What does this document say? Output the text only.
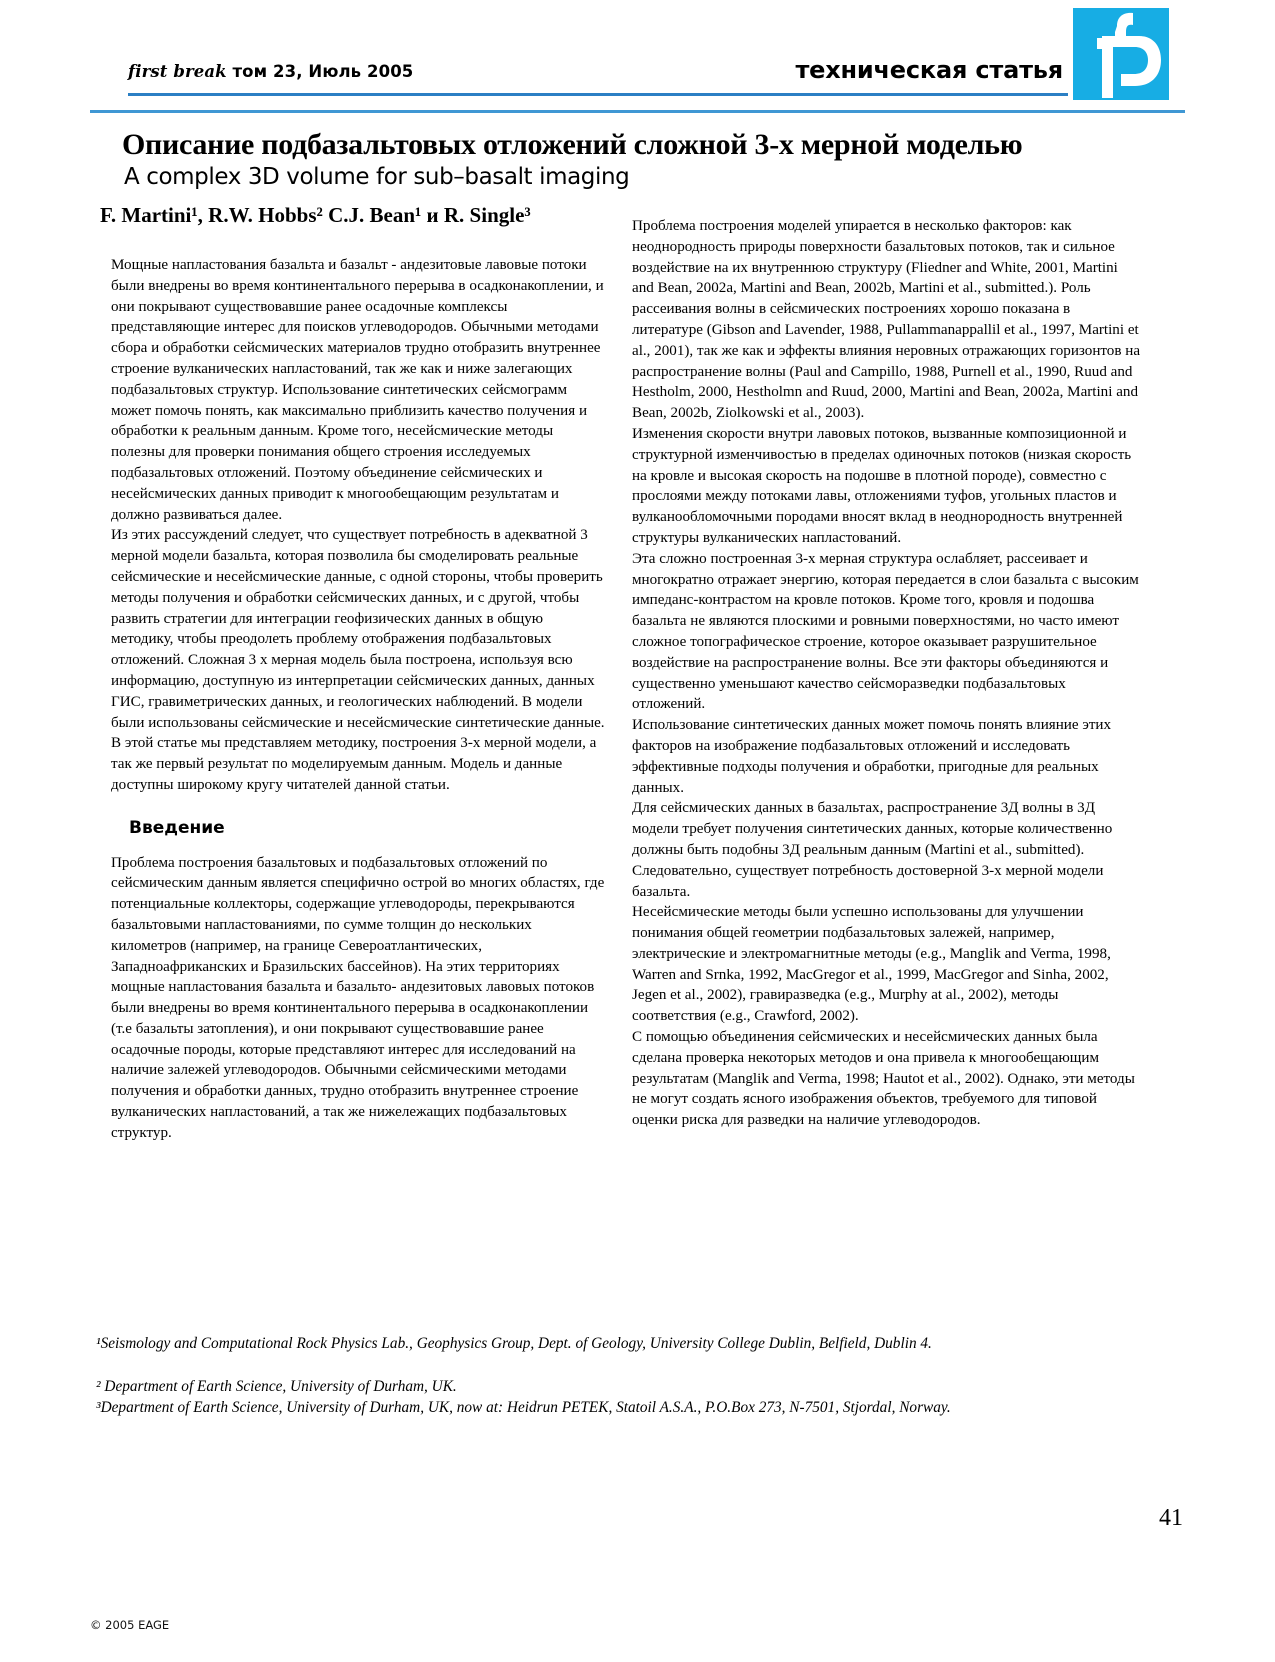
first break том 23, Июль 2005	техническая статья
Описание подбазальтовых отложений сложной 3-х мерной моделью
A complex 3D volume for sub–basalt imaging
F. Martini¹, R.W. Hobbs² C.J. Bean¹ и R. Single³

Мощные напластования базальта и базальт - андезитовые лавовые потоки были внедрены во время континентального перерыва в осадконакоплении, и они покрывают существовавшие ранее осадочные комплексы представляющие интерес для поисков углеводородов. Обычными методами сбора и обработки сейсмических материалов трудно отобразить внутреннее строение вулканических напластований, так же как и ниже залегающих подбазальтовых структур. Использование синтетических сейсмограмм может помочь понять, как максимально приблизить качество получения и обработки к реальным данным. Кроме того, несейсмические методы полезны для проверки понимания общего строения исследуемых подбазальтовых отложений. Поэтому объединение сейсмических и несейсмических данных приводит к многообещающим результатам и должно развиваться далее.

Из этих рассуждений следует, что существует потребность в адекватной 3 мерной модели базальта, которая позволила бы смоделировать реальные сейсмические и несейсмические данные, с одной стороны, чтобы проверить методы получения и обработки сейсмических данных, и с другой, чтобы развить стратегии для интеграции геофизических данных в общую методику, чтобы преодолеть проблему отображения подбазальтовых отложений. Сложная 3 х мерная модель была построена, используя всю информацию, доступную из интерпретации сейсмических данных, данных ГИС, гравиметрических данных, и геологических наблюдений. В модели были использованы сейсмические и несейсмические синтетические данные. В этой статье мы представляем методику, построения 3-х мерной модели, а так же первый результат по моделируемым данным. Модель и данные доступны широкому кругу читателей данной статьи.

Введение

Проблема построения базальтовых и подбазальтовых отложений по сейсмическим данным является специфично острой во многих областях, где потенциальные коллекторы, содержащие углеводороды, перекрываются базальтовыми напластованиями, по сумме толщин до нескольких километров (например, на границе Североатлантических, Западноафриканских и Бразильских бассейнов). На этих территориях мощные напластования базальта и базальто- андезитовых лавовых потоков были внедрены во время континентального перерыва в осадконакоплении (т.е базальты затопления), и они покрывают существовавшие ранее осадочные породы, которые представляют интерес для исследований на наличие залежей углеводородов. Обычными сейсмическими методами получения и обработки данных, трудно отобразить внутреннее строение вулканических напластований, а так же нижележащих подбазальтовых структур.

Проблема построения моделей упирается в несколько факторов: как неоднородность природы поверхности базальтовых потоков, так и сильное воздействие на их внутреннюю структуру (Fliedner and White, 2001, Martini and Bean, 2002a, Martini and Bean, 2002b, Martini et al., submitted.). Роль рассеивания волны в сейсмических построениях хорошо показана в литературе (Gibson and Lavender, 1988, Pullammanappallil et al., 1997, Martini et al., 2001), так же как и эффекты влияния неровных отражающих горизонтов на распространение волны (Paul and Campillo, 1988, Purnell et al., 1990, Ruud and Hestholm, 2000, Hestholmn and Ruud, 2000, Martini and Bean, 2002a, Martini and Bean, 2002b, Ziolkowski et al., 2003).

Изменения скорости внутри лавовых потоков, вызванные композиционной и структурной изменчивостью в пределах одиночных потоков (низкая скорость на кровле и высокая скорость на подошве в плотной породе), совместно с прослоями между потоками лавы, отложениями туфов, угольных пластов и вулканообломочными породами вносят вклад в неоднородность внутренней структуры вулканических напластований.

Эта сложно построенная 3-х мерная структура ослабляет, рассеивает и многократно отражает энергию, которая передается в слои базальта с высоким импеданс-контрастом на кровле потоков. Кроме того, кровля и подошва базальта не являются плоскими и ровными поверхностями, но часто имеют сложное топографическое строение, которое оказывает разрушительное воздействие на распространение волны. Все эти факторы объединяются и существенно уменьшают качество сейсморазведки подбазальтовых отложений.

Использование синтетических данных может помочь понять влияние этих факторов на изображение подбазальтовых отложений и исследовать эффективные подходы получения и обработки, пригодные для реальных данных.

Для сейсмических данных в базальтах, распространение 3Д волны в 3Д модели требует получения синтетических данных, которые количественно должны быть подобны 3Д реальным данным (Martini et al., submitted). Следовательно, существует потребность достоверной 3-х мерной модели базальта.

Несейсмические методы были успешно использованы для улучшении понимания общей геометрии подбазальтовых залежей, например, электрические и электромагнитные методы (e.g., Manglik and Verma, 1998, Warren and Srnka, 1992, MacGregor et al., 1999, MacGregor and Sinha, 2002, Jegen et al., 2002), гравиразведка (e.g., Murphy at al., 2002), методы соответствия (e.g., Crawford, 2002).

С помощью объединения сейсмических и несейсмических данных была сделана проверка некоторых методов и она привела к многообещающим результатам (Manglik and Verma, 1998; Hautot et al., 2002). Однако, эти методы не могут создать ясного изображения объектов, требуемого для типовой оценки риска для разведки на наличие углеводородов.

¹Seismology and Computational Rock Physics Lab., Geophysics Group, Dept. of Geology, University College Dublin, Belfield, Dublin 4.

² Department of Earth Science, University of Durham, UK.

³Department of Earth Science, University of Durham, UK, now at: Heidrun PETEK, Statoil A.S.A., P.O.Box 273, N-7501, Stjordal, Norway.

41
© 2005 EAGE
